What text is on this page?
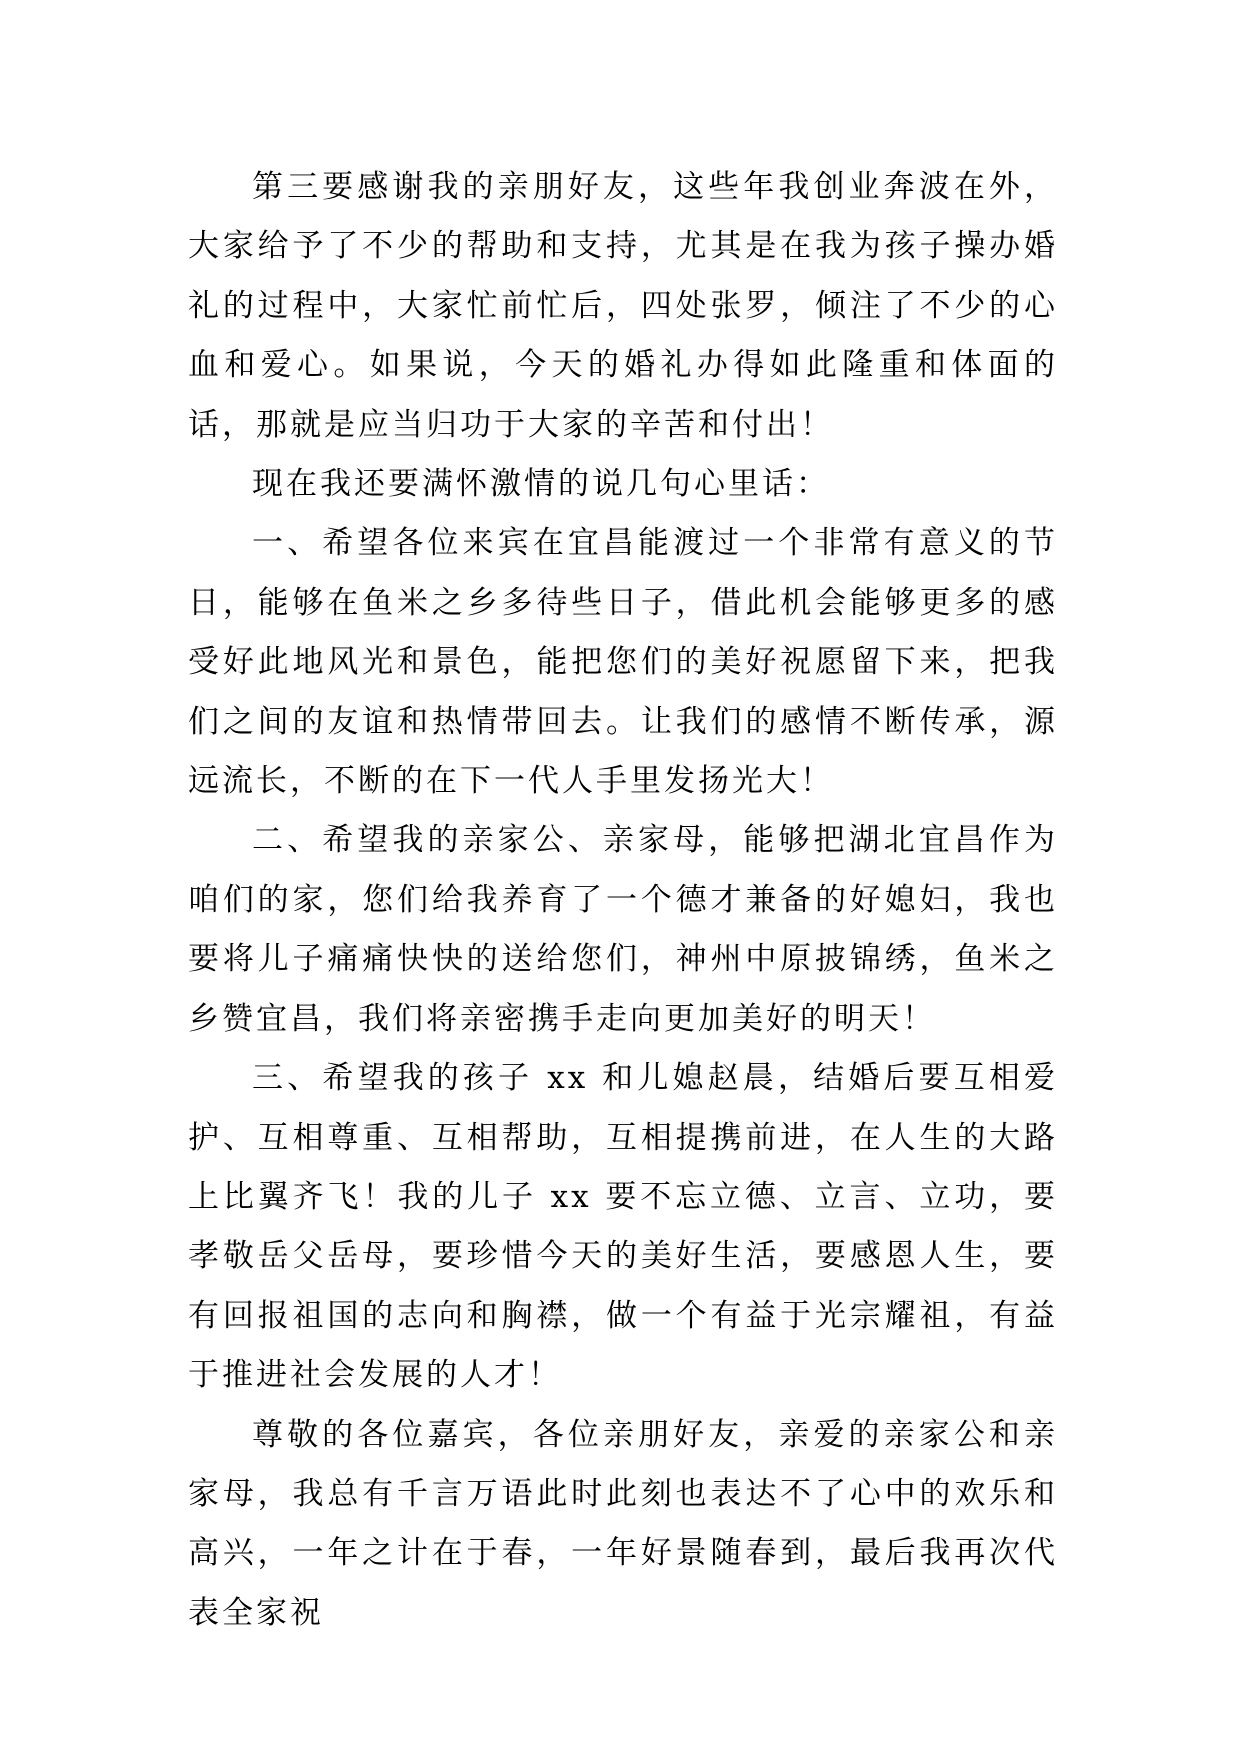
第三要感谢我的亲朋好友，这些年我创业奔波在外，大家给予了不少的帮助和支持，尤其是在我为孩子操办婚礼的过程中，大家忙前忙后，四处张罗，倾注了不少的心血和爱心。如果说，今天的婚礼办得如此隆重和体面的话，那就是应当归功于大家的辛苦和付出！

现在我还要满怀激情的说几句心里话：

一、希望各位来宾在宜昌能渡过一个非常有意义的节日，能够在鱼米之乡多待些日子，借此机会能够更多的感受好此地风光和景色，能把您们的美好祝愿留下来，把我们之间的友谊和热情带回去。让我们的感情不断传承，源远流长，不断的在下一代人手里发扬光大！

二、希望我的亲家公、亲家母，能够把湖北宜昌作为咱们的家，您们给我养育了一个德才兼备的好媳妇，我也要将儿子痛痛快快的送给您们，神州中原披锦绣，鱼米之乡赞宜昌，我们将亲密携手走向更加美好的明天！

三、希望我的孩子 xx 和儿媳赵晨，结婚后要互相爱护、互相尊重、互相帮助，互相提携前进，在人生的大路上比翼齐飞！我的儿子 xx 要不忘立德、立言、立功，要孝敬岳父岳母，要珍惜今天的美好生活，要感恩人生，要有回报祖国的志向和胸襟，做一个有益于光宗耀祖，有益于推进社会发展的人才！

尊敬的各位嘉宾，各位亲朋好友，亲爱的亲家公和亲家母，我总有千言万语此时此刻也表达不了心中的欢乐和高兴，一年之计在于春，一年好景随春到，最后我再次代表全家祝
